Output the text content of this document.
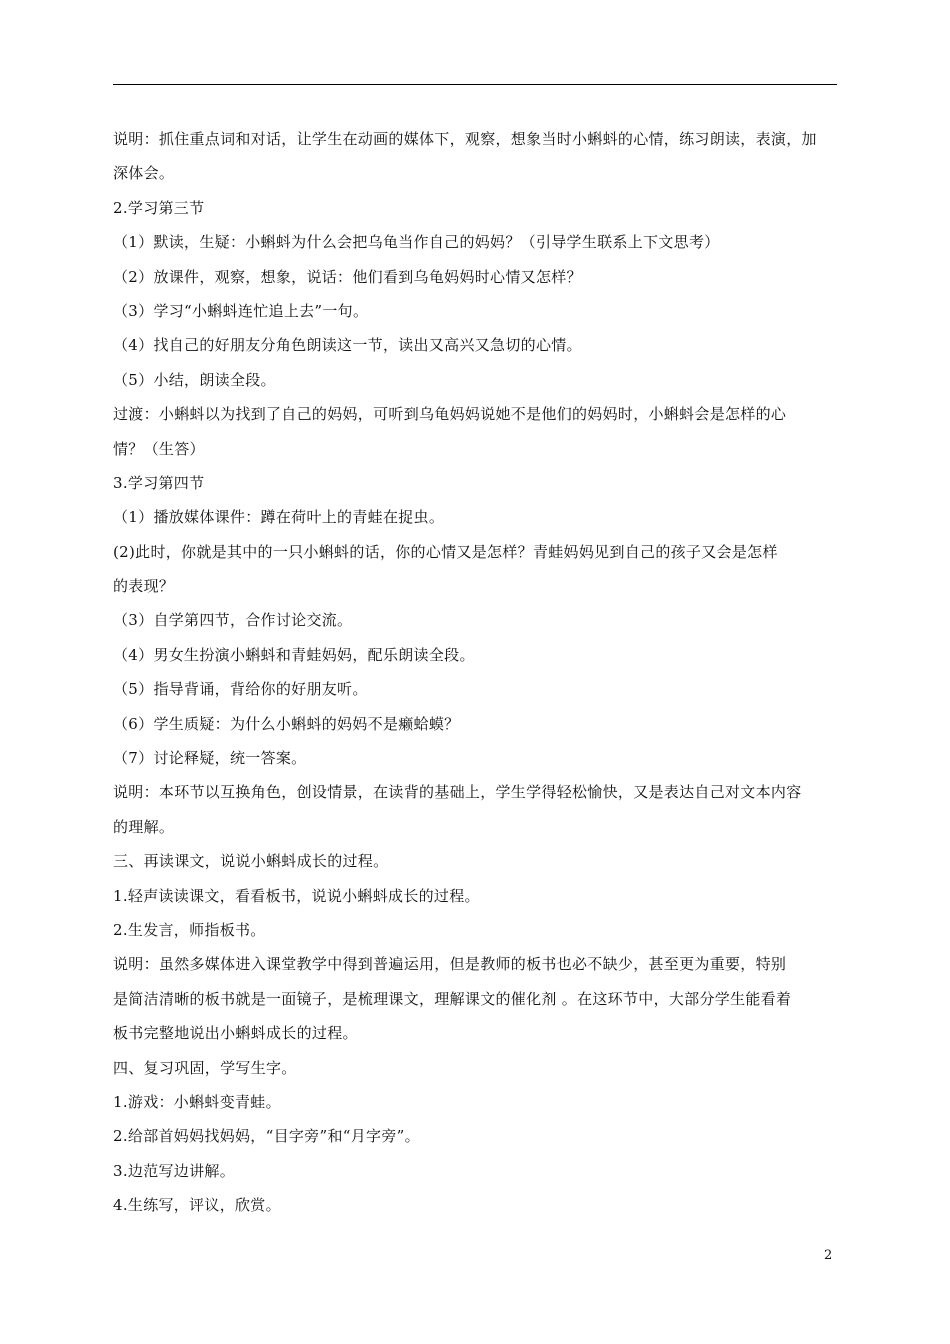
说明：抓住重点词和对话，让学生在动画的媒体下，观察，想象当时小蝌蚪的心情，练习朗读，表演，加
深体会。
2.学习第三节
（1）默读，生疑：小蝌蚪为什么会把乌龟当作自己的妈妈？（引导学生联系上下文思考）
（2）放课件，观察，想象，说话：他们看到乌龟妈妈时心情又怎样？
（3）学习“小蝌蚪连忙追上去”一句。
（4）找自己的好朋友分角色朗读这一节，读出又高兴又急切的心情。
（5）小结，朗读全段。
过渡：小蝌蚪以为找到了自己的妈妈，可听到乌龟妈妈说她不是他们的妈妈时，小蝌蚪会是怎样的心
情？（生答）
3.学习第四节
（1）播放媒体课件：蹲在荷叶上的青蛙在捉虫。
(2)此时，你就是其中的一只小蝌蚪的话，你的心情又是怎样？青蛙妈妈见到自己的孩子又会是怎样
的表现？
（3）自学第四节，合作讨论交流。
（4）男女生扮演小蝌蚪和青蛙妈妈，配乐朗读全段。
（5）指导背诵，背给你的好朋友听。
（6）学生质疑：为什么小蝌蚪的妈妈不是癞蛤蟆？
（7）讨论释疑，统一答案。
说明：本环节以互换角色，创设情景，在读背的基础上，学生学得轻松愉快，又是表达自己对文本内容
的理解。
三、再读课文，说说小蝌蚪成长的过程。
1.轻声读读课文，看看板书，说说小蝌蚪成长的过程。
2.生发言，师指板书。
说明：虽然多媒体进入课堂教学中得到普遍运用，但是教师的板书也必不缺少，甚至更为重要，特别
是简洁清晰的板书就是一面镜子，是梳理课文，理解课文的催化剂 。在这环节中，大部分学生能看着
板书完整地说出小蝌蚪成长的过程。
四、复习巩固，学写生字。
1.游戏：小蝌蚪变青蛙。
2.给部首妈妈找妈妈，“目字旁”和“月字旁”。
3.边范写边讲解。
4.生练写，评议，欣赏。
2
